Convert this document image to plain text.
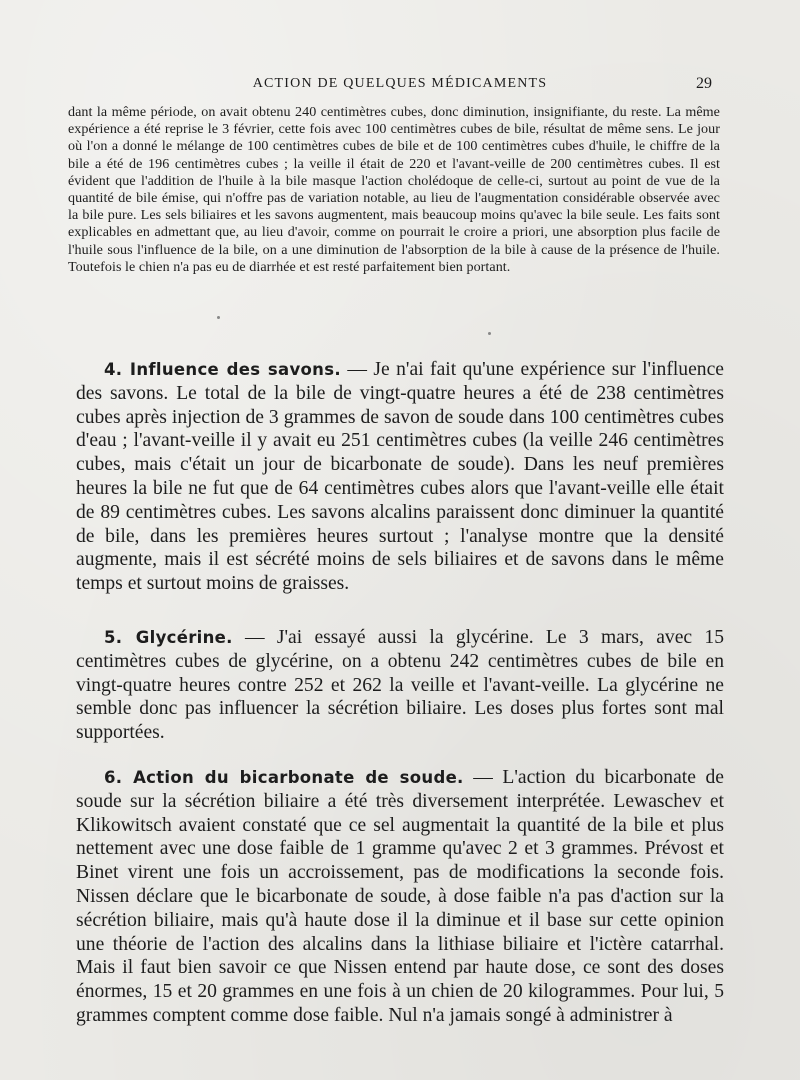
ACTION DE QUELQUES MÉDICAMENTS	29

dant la même période, on avait obtenu 240 centimètres cubes, donc diminution, insignifiante, du reste. La même expérience a été reprise le 3 février, cette fois avec 100 centimètres cubes de bile, résultat de même sens. Le jour où l'on a donné le mélange de 100 centimètres cubes de bile et de 100 centimètres cubes d'huile, le chiffre de la bile a été de 196 centimètres cubes ; la veille il était de 220 et l'avant-veille de 200 centimètres cubes. Il est évident que l'addition de l'huile à la bile masque l'action cholédoque de celle-ci, surtout au point de vue de la quantité de bile émise, qui n'offre pas de variation notable, au lieu de l'augmentation considérable observée avec la bile pure. Les sels biliaires et les savons augmentent, mais beaucoup moins qu'avec la bile seule. Les faits sont explicables en admettant que, au lieu d'avoir, comme on pourrait le croire a priori, une absorption plus facile de l'huile sous l'influence de la bile, on a une diminution de l'absorption de la bile à cause de la présence de l'huile. Toutefois le chien n'a pas eu de diarrhée et est resté parfaitement bien portant.

4. Influence des savons. — Je n'ai fait qu'une expérience sur l'influence des savons. Le total de la bile de vingt-quatre heures a été de 238 centimètres cubes après injection de 3 grammes de savon de soude dans 100 centimètres cubes d'eau ; l'avant-veille il y avait eu 251 centimètres cubes (la veille 246 centimètres cubes, mais c'était un jour de bicarbonate de soude). Dans les neuf premières heures la bile ne fut que de 64 centimètres cubes alors que l'avant-veille elle était de 89 centimètres cubes. Les savons alcalins paraissent donc diminuer la quantité de bile, dans les premières heures surtout ; l'analyse montre que la densité augmente, mais il est sécrété moins de sels biliaires et de savons dans le même temps et surtout moins de graisses.

5. Glycérine. — J'ai essayé aussi la glycérine. Le 3 mars, avec 15 centimètres cubes de glycérine, on a obtenu 242 centimètres cubes de bile en vingt-quatre heures contre 252 et 262 la veille et l'avant-veille. La glycérine ne semble donc pas influencer la sécrétion biliaire. Les doses plus fortes sont mal supportées.

6. Action du bicarbonate de soude. — L'action du bicarbonate de soude sur la sécrétion biliaire a été très diversement interprétée. Lewaschev et Klikowitsch avaient constaté que ce sel augmentait la quantité de la bile et plus nettement avec une dose faible de 1 gramme qu'avec 2 et 3 grammes. Prévost et Binet virent une fois un accroissement, pas de modifications la seconde fois. Nissen déclare que le bicarbonate de soude, à dose faible n'a pas d'action sur la sécrétion biliaire, mais qu'à haute dose il la diminue et il base sur cette opinion une théorie de l'action des alcalins dans la lithiase biliaire et l'ictère catarrhal. Mais il faut bien savoir ce que Nissen entend par haute dose, ce sont des doses énormes, 15 et 20 grammes en une fois à un chien de 20 kilogrammes. Pour lui, 5 grammes comptent comme dose faible. Nul n'a jamais songé à administrer à
